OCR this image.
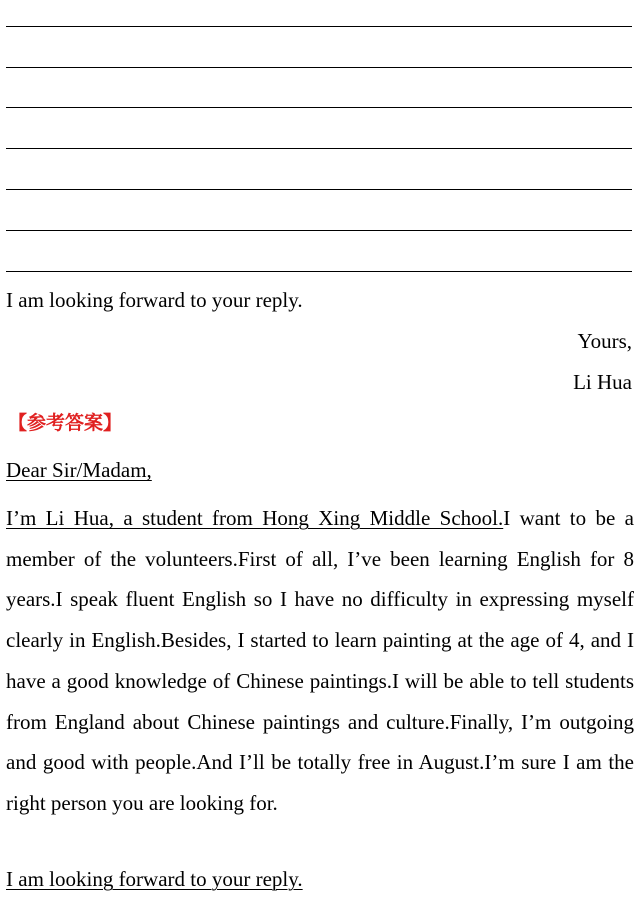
I am looking forward to your reply.
Yours,
Li Hua
【参考答案】
Dear Sir/Madam,
I’m Li Hua, a student from Hong Xing Middle School.I want to be a member of the volunteers.First of all, I’ve been learning English for 8 years.I speak fluent English so I have no difficulty in expressing myself clearly in English.Besides, I started to learn painting at the age of 4, and I have a good knowledge of Chinese paintings.I will be able to tell students from England about Chinese paintings and culture.Finally, I’m outgoing and good with people.And I’ll be totally free in August.I’m sure I am the right person you are looking for.
I am looking forward to your reply.
